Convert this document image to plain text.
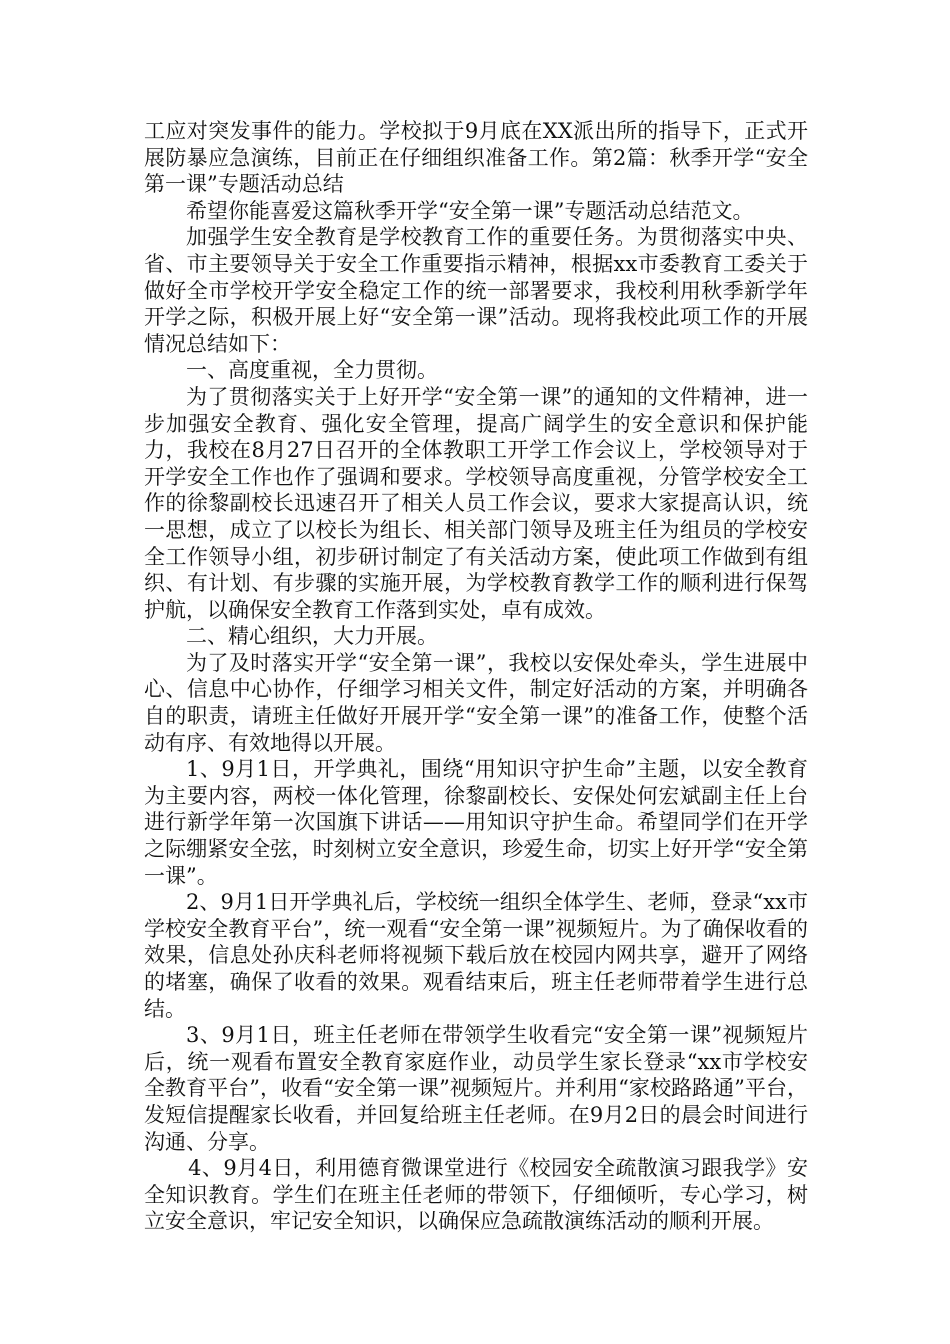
工应对突发事件的能力。学校拟于9月底在XX派出所的指导下，正式开展防暴应急演练，目前正在仔细组织准备工作。第2篇：秋季开学“安全第一课”专题活动总结

希望你能喜爱这篇秋季开学“安全第一课”专题活动总结范文。

加强学生安全教育是学校教育工作的重要任务。为贯彻落实中央、省、市主要领导关于安全工作重要指示精神，根据xx市委教育工委关于做好全市学校开学安全稳定工作的统一部署要求，我校利用秋季新学年开学之际，积极开展上好“安全第一课”活动。现将我校此项工作的开展情况总结如下：

一、高度重视，全力贯彻。

为了贯彻落实关于上好开学“安全第一课”的通知的文件精神，进一步加强安全教育、强化安全管理，提高广阔学生的安全意识和保护能力，我校在8月27日召开的全体教职工开学工作会议上，学校领导对于开学安全工作也作了强调和要求。学校领导高度重视，分管学校安全工作的徐黎副校长迅速召开了相关人员工作会议，要求大家提高认识，统一思想，成立了以校长为组长、相关部门领导及班主任为组员的学校安全工作领导小组，初步研讨制定了有关活动方案，使此项工作做到有组织、有计划、有步骤的实施开展，为学校教育教学工作的顺利进行保驾护航，以确保安全教育工作落到实处，卓有成效。

二、精心组织，大力开展。

为了及时落实开学“安全第一课”，我校以安保处牵头，学生进展中心、信息中心协作，仔细学习相关文件，制定好活动的方案，并明确各自的职责，请班主任做好开展开学“安全第一课”的准备工作，使整个活动有序、有效地得以开展。

1、9月1日，开学典礼，围绕“用知识守护生命”主题，以安全教育为主要内容，两校一体化管理，徐黎副校长、安保处何宏斌副主任上台进行新学年第一次国旗下讲话——用知识守护生命。希望同学们在开学之际绷紧安全弦，时刻树立安全意识，珍爱生命，切实上好开学“安全第一课”。

2、9月1日开学典礼后，学校统一组织全体学生、老师，登录“xx市学校安全教育平台”，统一观看“安全第一课”视频短片。为了确保收看的效果，信息处孙庆科老师将视频下载后放在校园内网共享，避开了网络的堵塞，确保了收看的效果。观看结束后，班主任老师带着学生进行总结。

3、9月1日，班主任老师在带领学生收看完“安全第一课”视频短片后，统一观看布置安全教育家庭作业，动员学生家长登录“xx市学校安全教育平台”，收看“安全第一课”视频短片。并利用“家校路路通”平台，发短信提醒家长收看，并回复给班主任老师。在9月2日的晨会时间进行沟通、分享。

4、9月4日，利用德育微课堂进行《校园安全疏散演习跟我学》安全知识教育。学生们在班主任老师的带领下，仔细倾听，专心学习，树立安全意识，牢记安全知识，以确保应急疏散演练活动的顺利开展。
